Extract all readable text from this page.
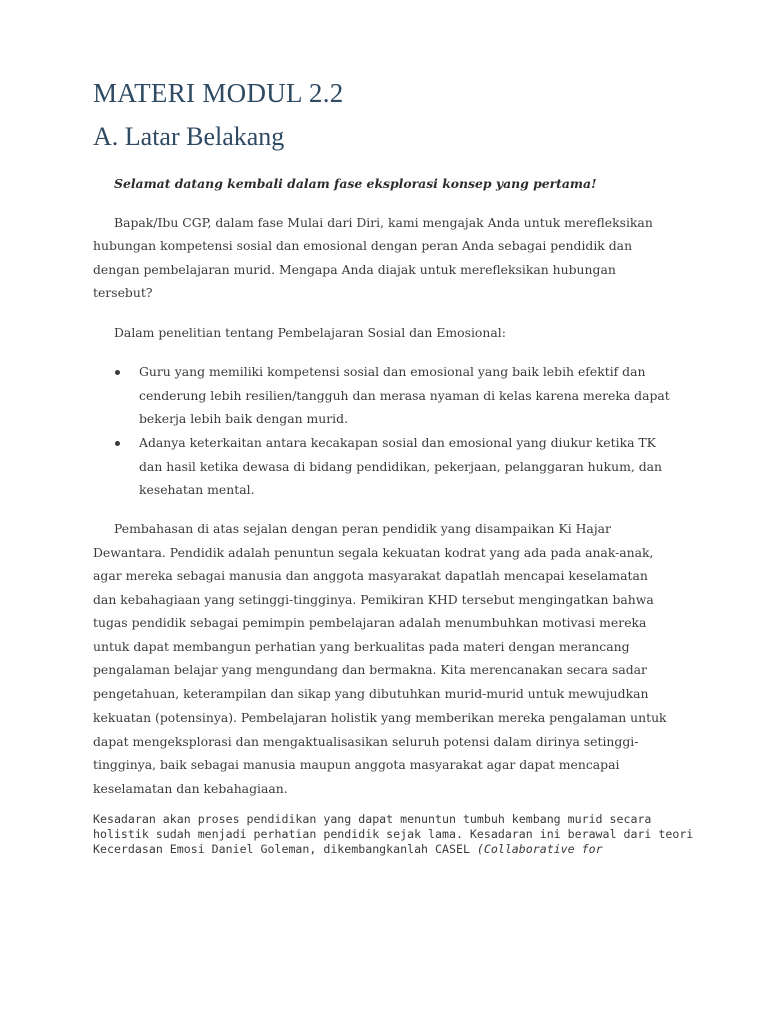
MATERI MODUL 2.2
A. Latar Belakang
Selamat datang kembali dalam fase eksplorasi konsep yang pertama!
Bapak/Ibu CGP, dalam fase Mulai dari Diri, kami mengajak Anda untuk merefleksikan
hubungan kompetensi sosial dan emosional dengan peran Anda sebagai pendidik dan
dengan pembelajaran murid. Mengapa Anda diajak untuk merefleksikan hubungan
tersebut?
Dalam penelitian tentang Pembelajaran Sosial dan Emosional:
Guru yang memiliki kompetensi sosial dan emosional yang baik lebih efektif dan
cenderung lebih resilien/tangguh dan merasa nyaman di kelas karena mereka dapat
bekerja lebih baik dengan murid.
Adanya keterkaitan antara kecakapan sosial dan emosional yang diukur ketika TK
dan hasil ketika dewasa di bidang pendidikan, pekerjaan, pelanggaran hukum, dan
kesehatan mental.
Pembahasan di atas sejalan dengan peran pendidik yang disampaikan Ki Hajar
Dewantara. Pendidik adalah penuntun segala kekuatan kodrat yang ada pada anak-anak,
agar mereka sebagai manusia dan anggota masyarakat dapatlah mencapai keselamatan
dan kebahagiaan yang setinggi-tingginya. Pemikiran KHD tersebut mengingatkan bahwa
tugas pendidik sebagai pemimpin pembelajaran adalah menumbuhkan motivasi mereka
untuk dapat membangun perhatian yang berkualitas pada materi dengan merancang
pengalaman belajar yang mengundang dan bermakna. Kita merencanakan secara sadar
pengetahuan, keterampilan dan sikap yang dibutuhkan murid-murid untuk mewujudkan
kekuatan (potensinya). Pembelajaran holistik yang memberikan mereka pengalaman untuk
dapat mengeksplorasi dan mengaktualisasikan seluruh potensi dalam dirinya setinggi-
tingginya, baik sebagai manusia maupun anggota masyarakat agar dapat mencapai
keselamatan dan kebahagiaan.
Kesadaran akan proses pendidikan yang dapat menuntun tumbuh kembang murid secara
holistik sudah menjadi perhatian pendidik sejak lama. Kesadaran ini berawal dari teori
Kecerdasan Emosi Daniel Goleman, dikembangkanlah CASEL (Collaborative for
